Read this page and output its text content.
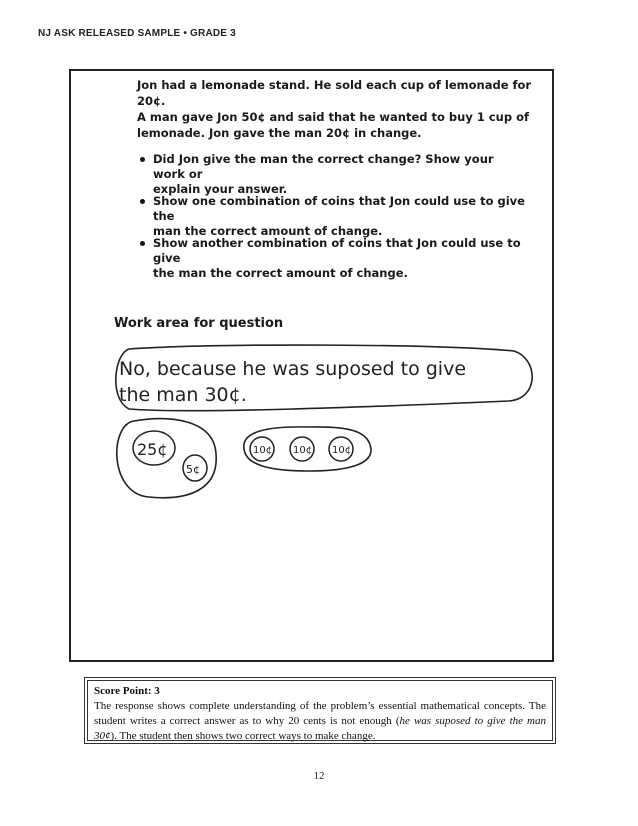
NJ ASK RELEASED SAMPLE • GRADE 3

Jon had a lemonade stand. He sold each cup of lemonade for 20¢.

A man gave Jon 50¢ and said that he wanted to buy 1 cup of

lemonade. Jon gave the man 20¢ in change.

Did Jon give the man the correct change? Show your work or
explain your answer.
Show one combination of coins that Jon could use to give the
man the correct amount of change.
Show another combination of coins that Jon could use to give
the man the correct amount of change.
Work area for question
No, because he was suposed to give
the man 30¢.
25¢
5¢
10¢ 10¢ 10¢
Score Point: 3
The response shows complete understanding of the problem’s essential mathematical concepts. The student writes a correct answer as to why 20 cents is not enough (he was suposed to give the man 30¢). The student then shows two correct ways to make change.
12
